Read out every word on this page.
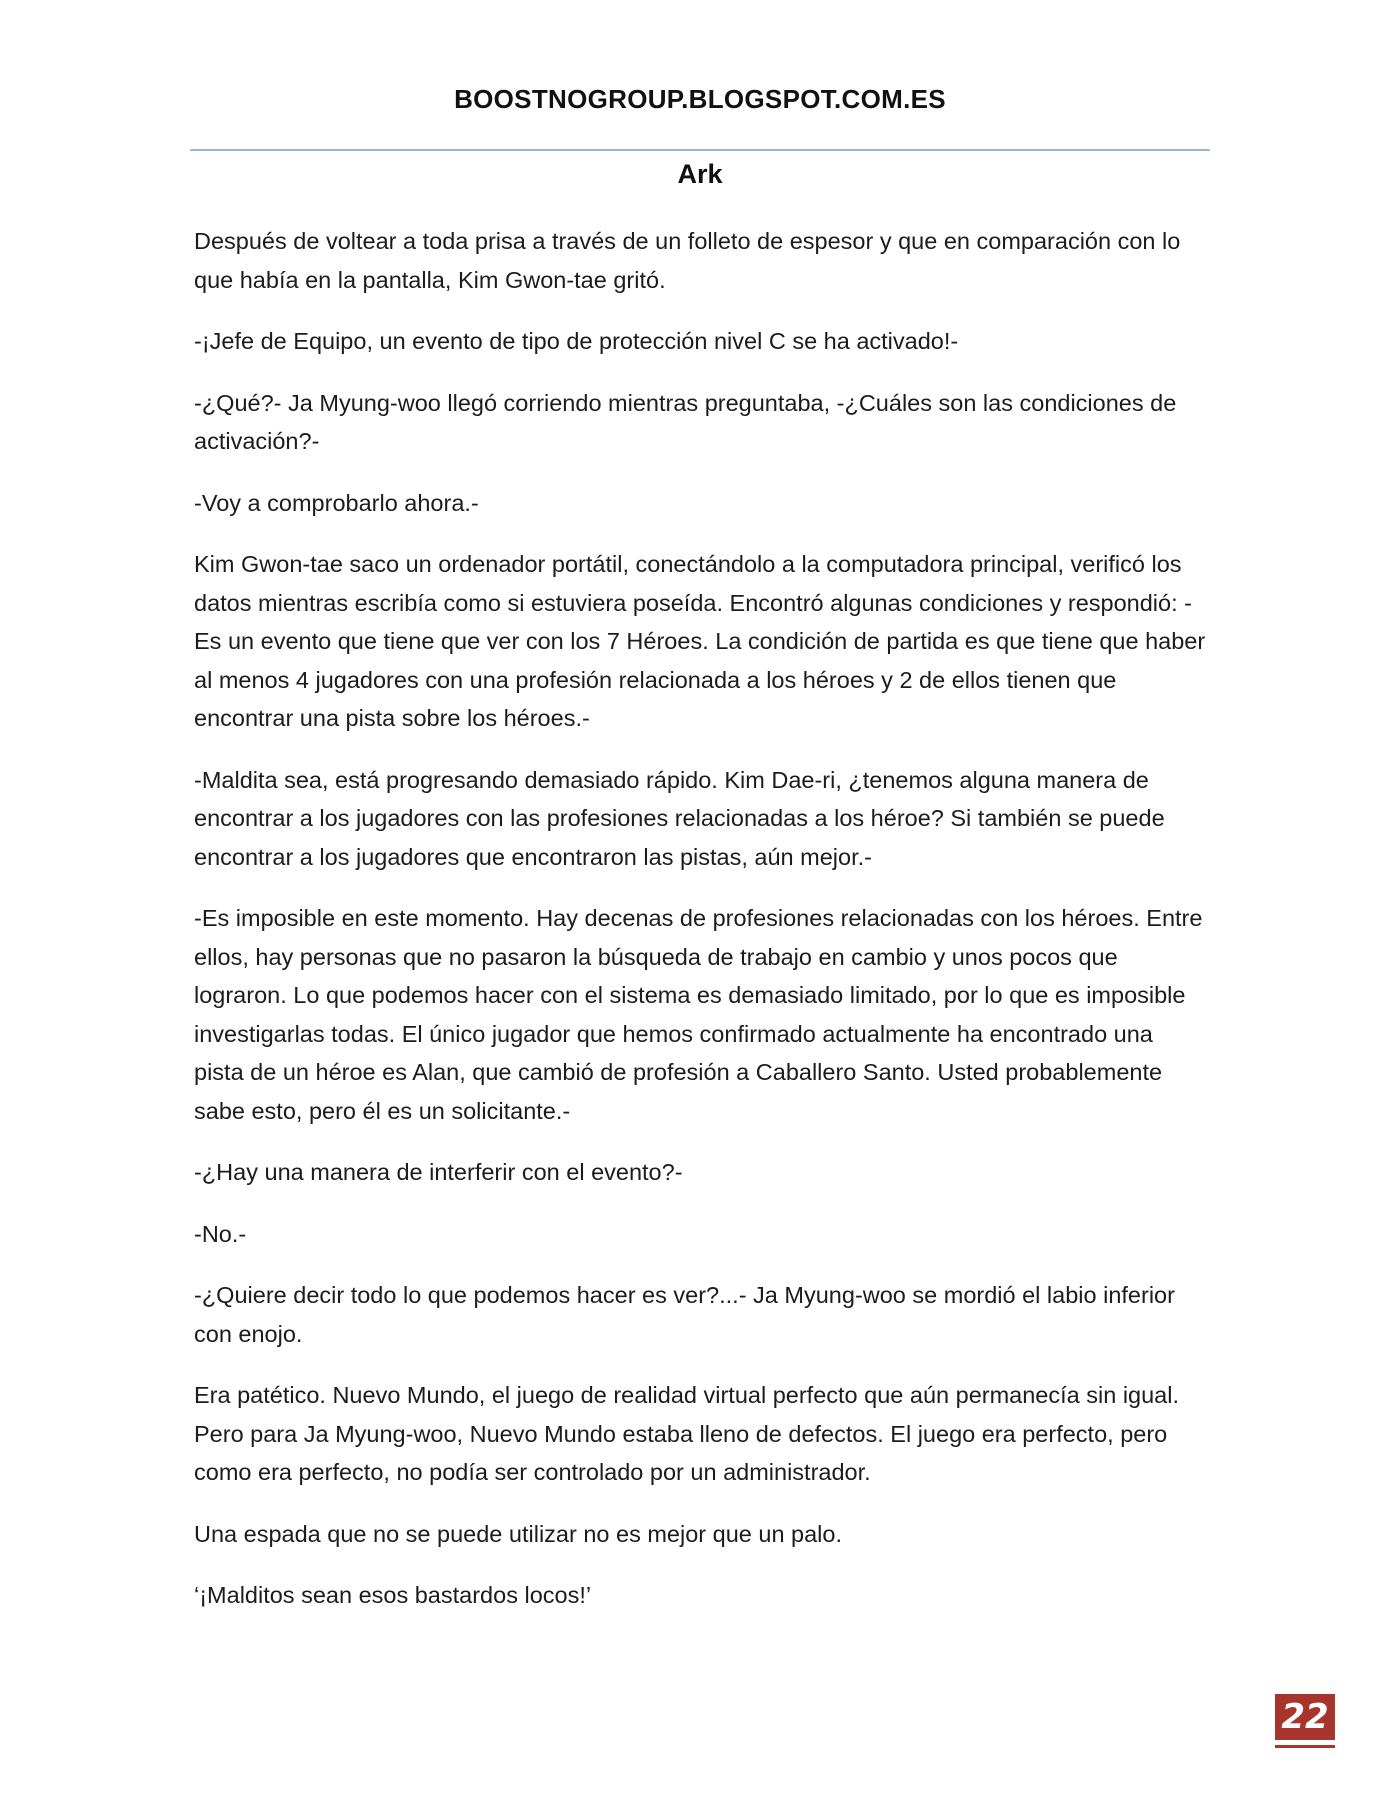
BOOSTNOGROUP.BLOGSPOT.COM.ES
Ark

Después de voltear a toda prisa a través de un folleto de espesor y que en comparación con lo que había en la pantalla, Kim Gwon-tae gritó.

-¡Jefe de Equipo, un evento de tipo de protección nivel C se ha activado!-

-¿Qué?- Ja Myung-woo llegó corriendo mientras preguntaba, -¿Cuáles son las condiciones de activación?-

-Voy a comprobarlo ahora.-

Kim Gwon-tae saco un ordenador portátil, conectándolo a la computadora principal, verificó los datos mientras escribía como si estuviera poseída. Encontró algunas condiciones y respondió: -Es un evento que tiene que ver con los 7 Héroes. La condición de partida es que tiene que haber al menos 4 jugadores con una profesión relacionada a los héroes y 2 de ellos tienen que encontrar una pista sobre los héroes.-

-Maldita sea, está progresando demasiado rápido. Kim Dae-ri, ¿tenemos alguna manera de encontrar a los jugadores con las profesiones relacionadas a los héroe? Si también se puede encontrar a los jugadores que encontraron las pistas, aún mejor.-

-Es imposible en este momento. Hay decenas de profesiones relacionadas con los héroes. Entre ellos, hay personas que no pasaron la búsqueda de trabajo en cambio y unos pocos que lograron. Lo que podemos hacer con el sistema es demasiado limitado, por lo que es imposible investigarlas todas. El único jugador que hemos confirmado actualmente ha encontrado una pista de un héroe es Alan, que cambió de profesión a Caballero Santo. Usted probablemente sabe esto, pero él es un solicitante.-

-¿Hay una manera de interferir con el evento?-

-No.-

-¿Quiere decir todo lo que podemos hacer es ver?...- Ja Myung-woo se mordió el labio inferior con enojo.

Era patético. Nuevo Mundo, el juego de realidad virtual perfecto que aún permanecía sin igual. Pero para Ja Myung-woo, Nuevo Mundo estaba lleno de defectos. El juego era perfecto, pero como era perfecto, no podía ser controlado por un administrador.

Una espada que no se puede utilizar no es mejor que un palo.

‘¡Malditos sean esos bastardos locos!’

22
